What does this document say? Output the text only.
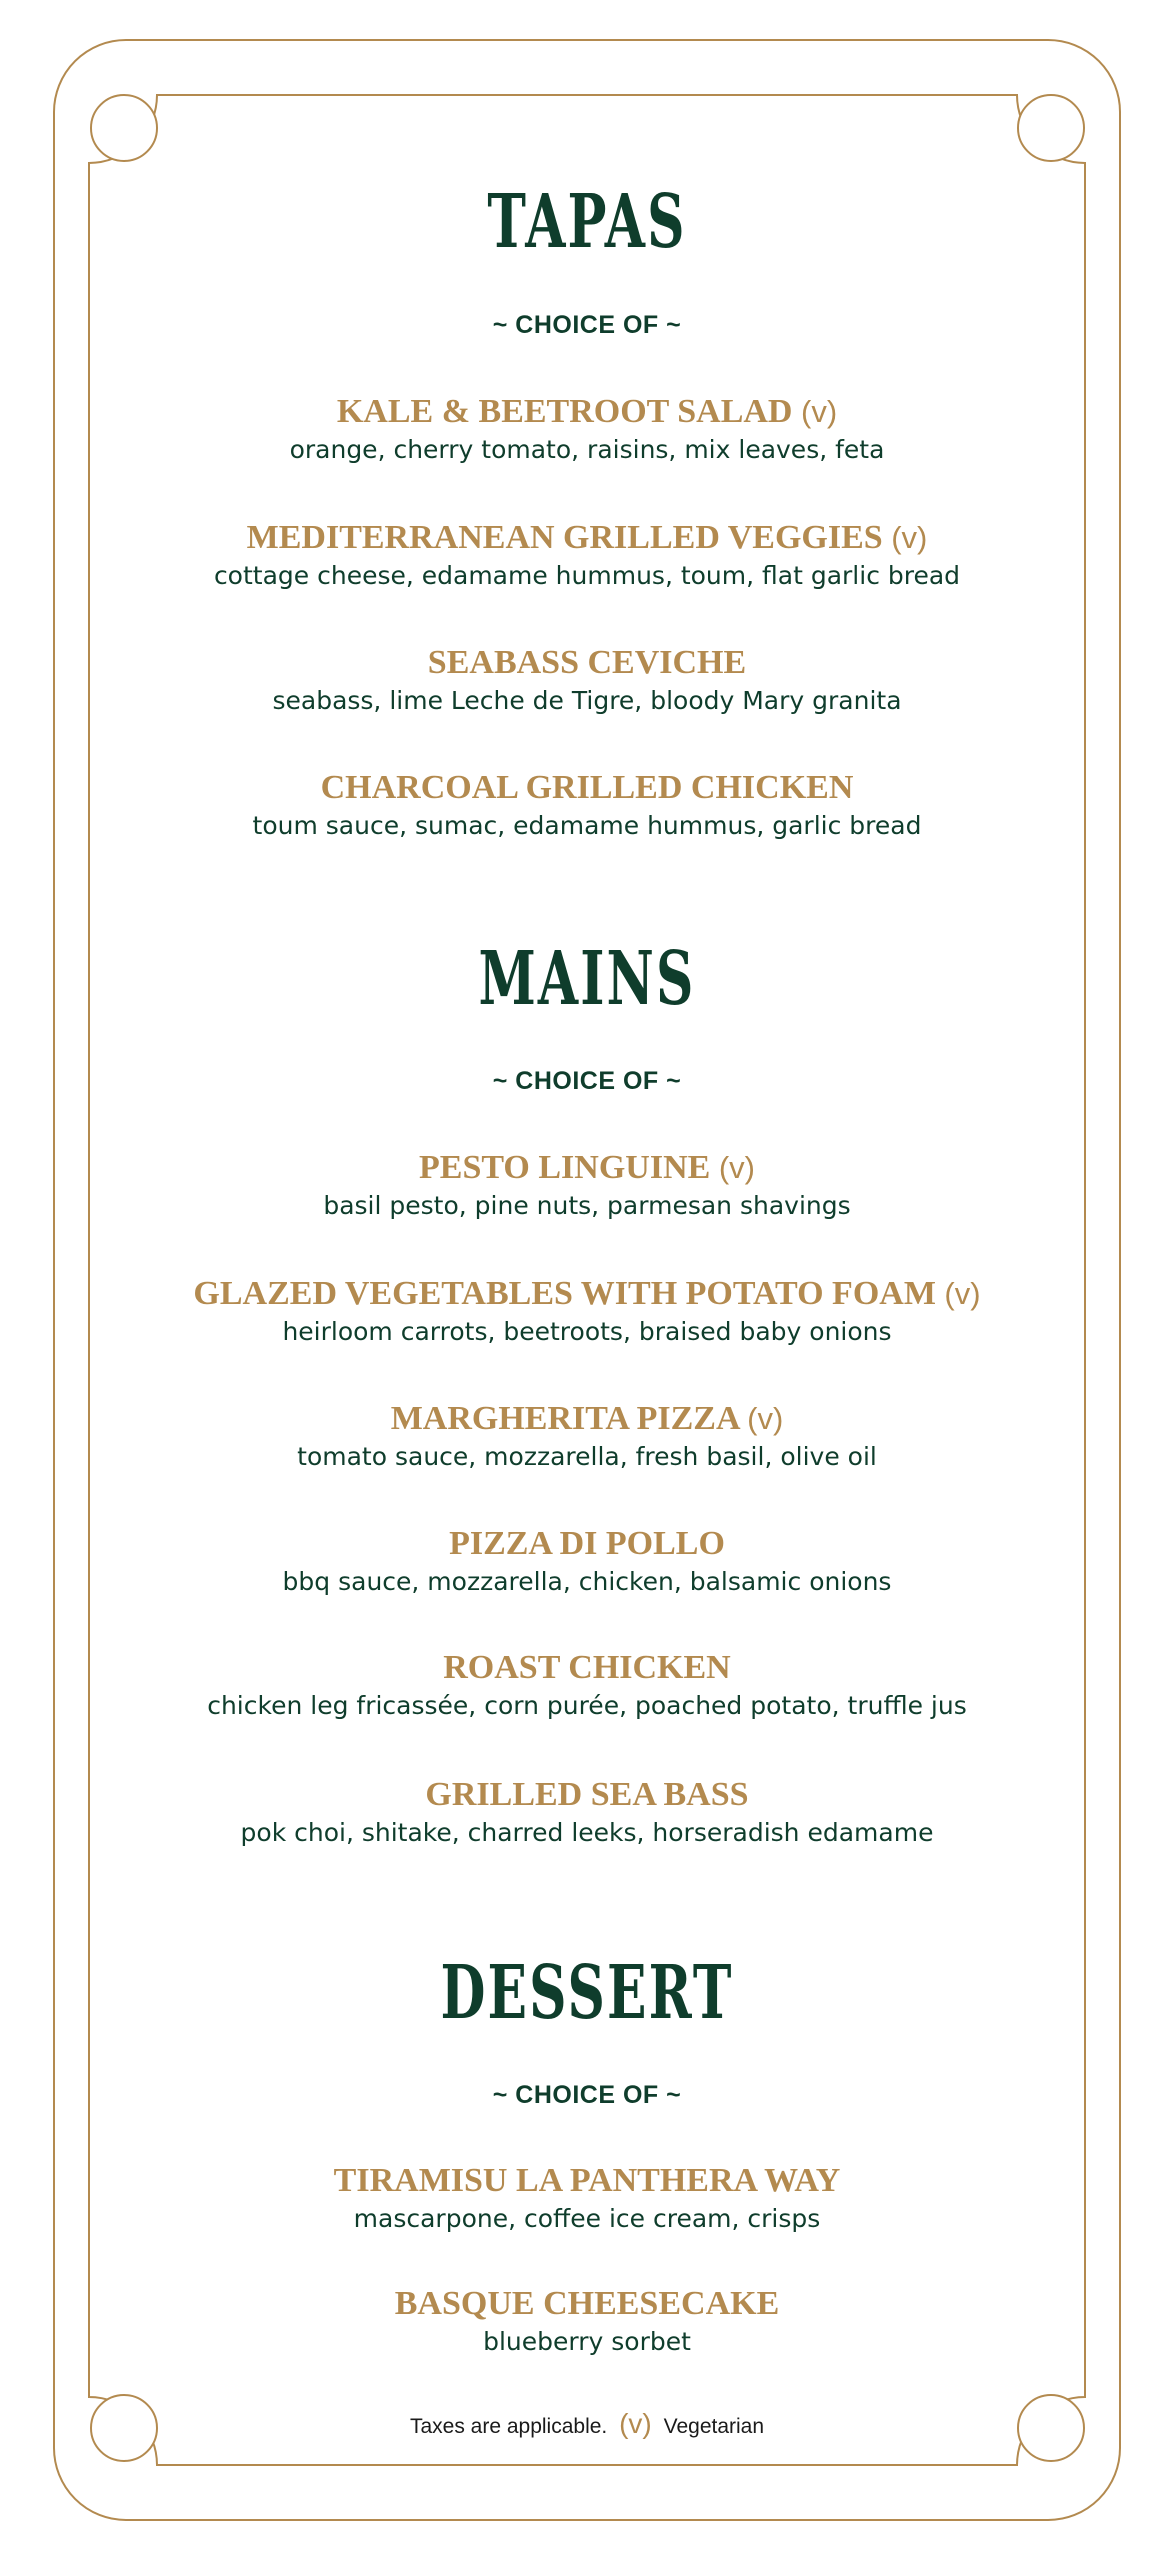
TAPAS
~ CHOICE OF ~
KALE & BEETROOT SALAD (v)
orange, cherry tomato, raisins, mix leaves, feta
MEDITERRANEAN GRILLED VEGGIES (v)
cottage cheese, edamame hummus, toum, flat garlic bread
SEABASS CEVICHE
seabass, lime Leche de Tigre, bloody Mary granita
CHARCOAL GRILLED CHICKEN
toum sauce, sumac, edamame hummus, garlic bread
MAINS
~ CHOICE OF ~
PESTO LINGUINE (v)
basil pesto, pine nuts, parmesan shavings
GLAZED VEGETABLES WITH POTATO FOAM (v)
heirloom carrots, beetroots, braised baby onions
MARGHERITA PIZZA (v)
tomato sauce, mozzarella, fresh basil, olive oil
PIZZA DI POLLO
bbq sauce, mozzarella, chicken, balsamic onions
ROAST CHICKEN
chicken leg fricassée, corn purée, poached potato, truffle jus
GRILLED SEA BASS
pok choi, shitake, charred leeks, horseradish edamame
DESSERT
~ CHOICE OF ~
TIRAMISU LA PANTHERA WAY
mascarpone, coffee ice cream, crisps
BASQUE CHEESECAKE
blueberry sorbet
Taxes are applicable. (v) Vegetarian
